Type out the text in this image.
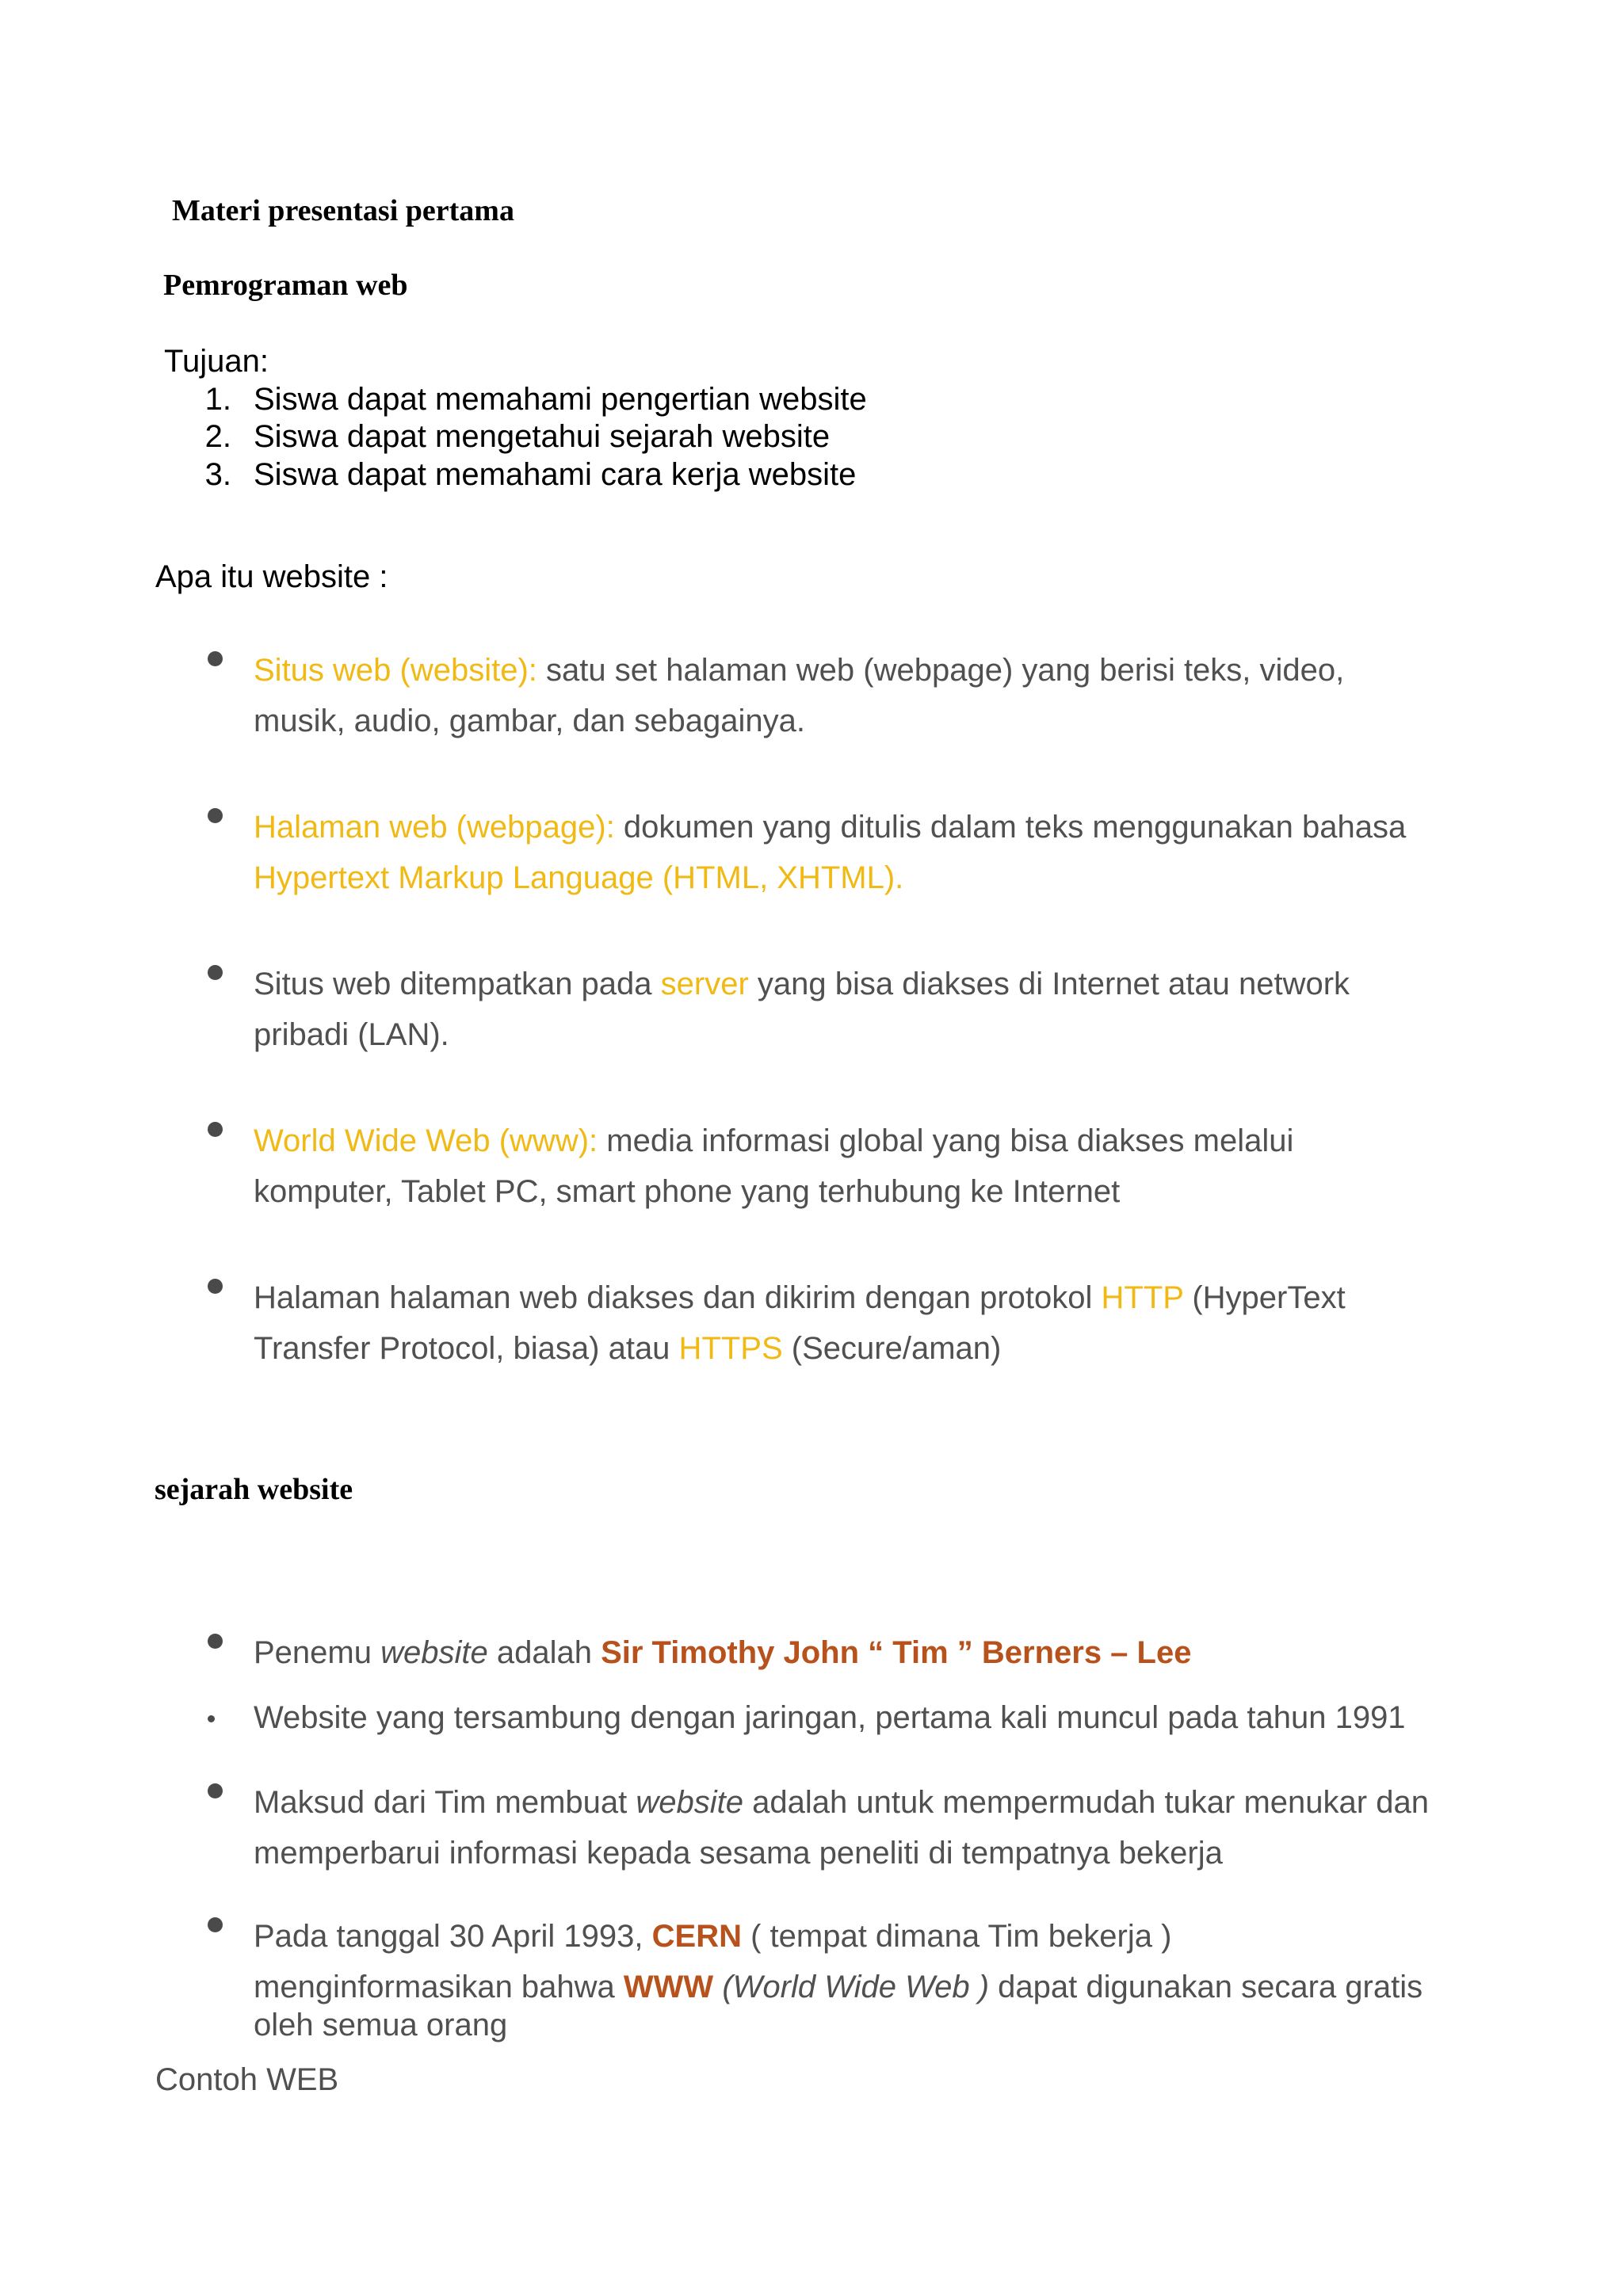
Materi presentasi pertama
Pemrograman web
Tujuan:
1. Siswa dapat memahami pengertian website
2. Siswa dapat mengetahui sejarah website
3. Siswa dapat memahami cara kerja website
Apa itu website :
Situs web (website): satu set halaman web (webpage) yang berisi teks, video,
musik, audio, gambar, dan sebagainya.
Halaman web (webpage): dokumen yang ditulis dalam teks menggunakan bahasa
Hypertext Markup Language (HTML, XHTML).
Situs web ditempatkan pada server yang bisa diakses di Internet atau network
pribadi (LAN).
World Wide Web (www): media informasi global yang bisa diakses melalui
komputer, Tablet PC, smart phone yang terhubung ke Internet
Halaman halaman web diakses dan dikirim dengan protokol HTTP (HyperText
Transfer Protocol, biasa) atau HTTPS (Secure/aman)
sejarah website
Penemu website adalah Sir Timothy John “ Tim ” Berners – Lee
Website yang tersambung dengan jaringan, pertama kali muncul pada tahun 1991
Maksud dari Tim membuat website adalah untuk mempermudah tukar menukar dan
memperbarui informasi kepada sesama peneliti di tempatnya bekerja
Pada tanggal 30 April 1993, CERN ( tempat dimana Tim bekerja )
menginformasikan bahwa WWW (World Wide Web ) dapat digunakan secara gratis
oleh semua orang
Contoh WEB
